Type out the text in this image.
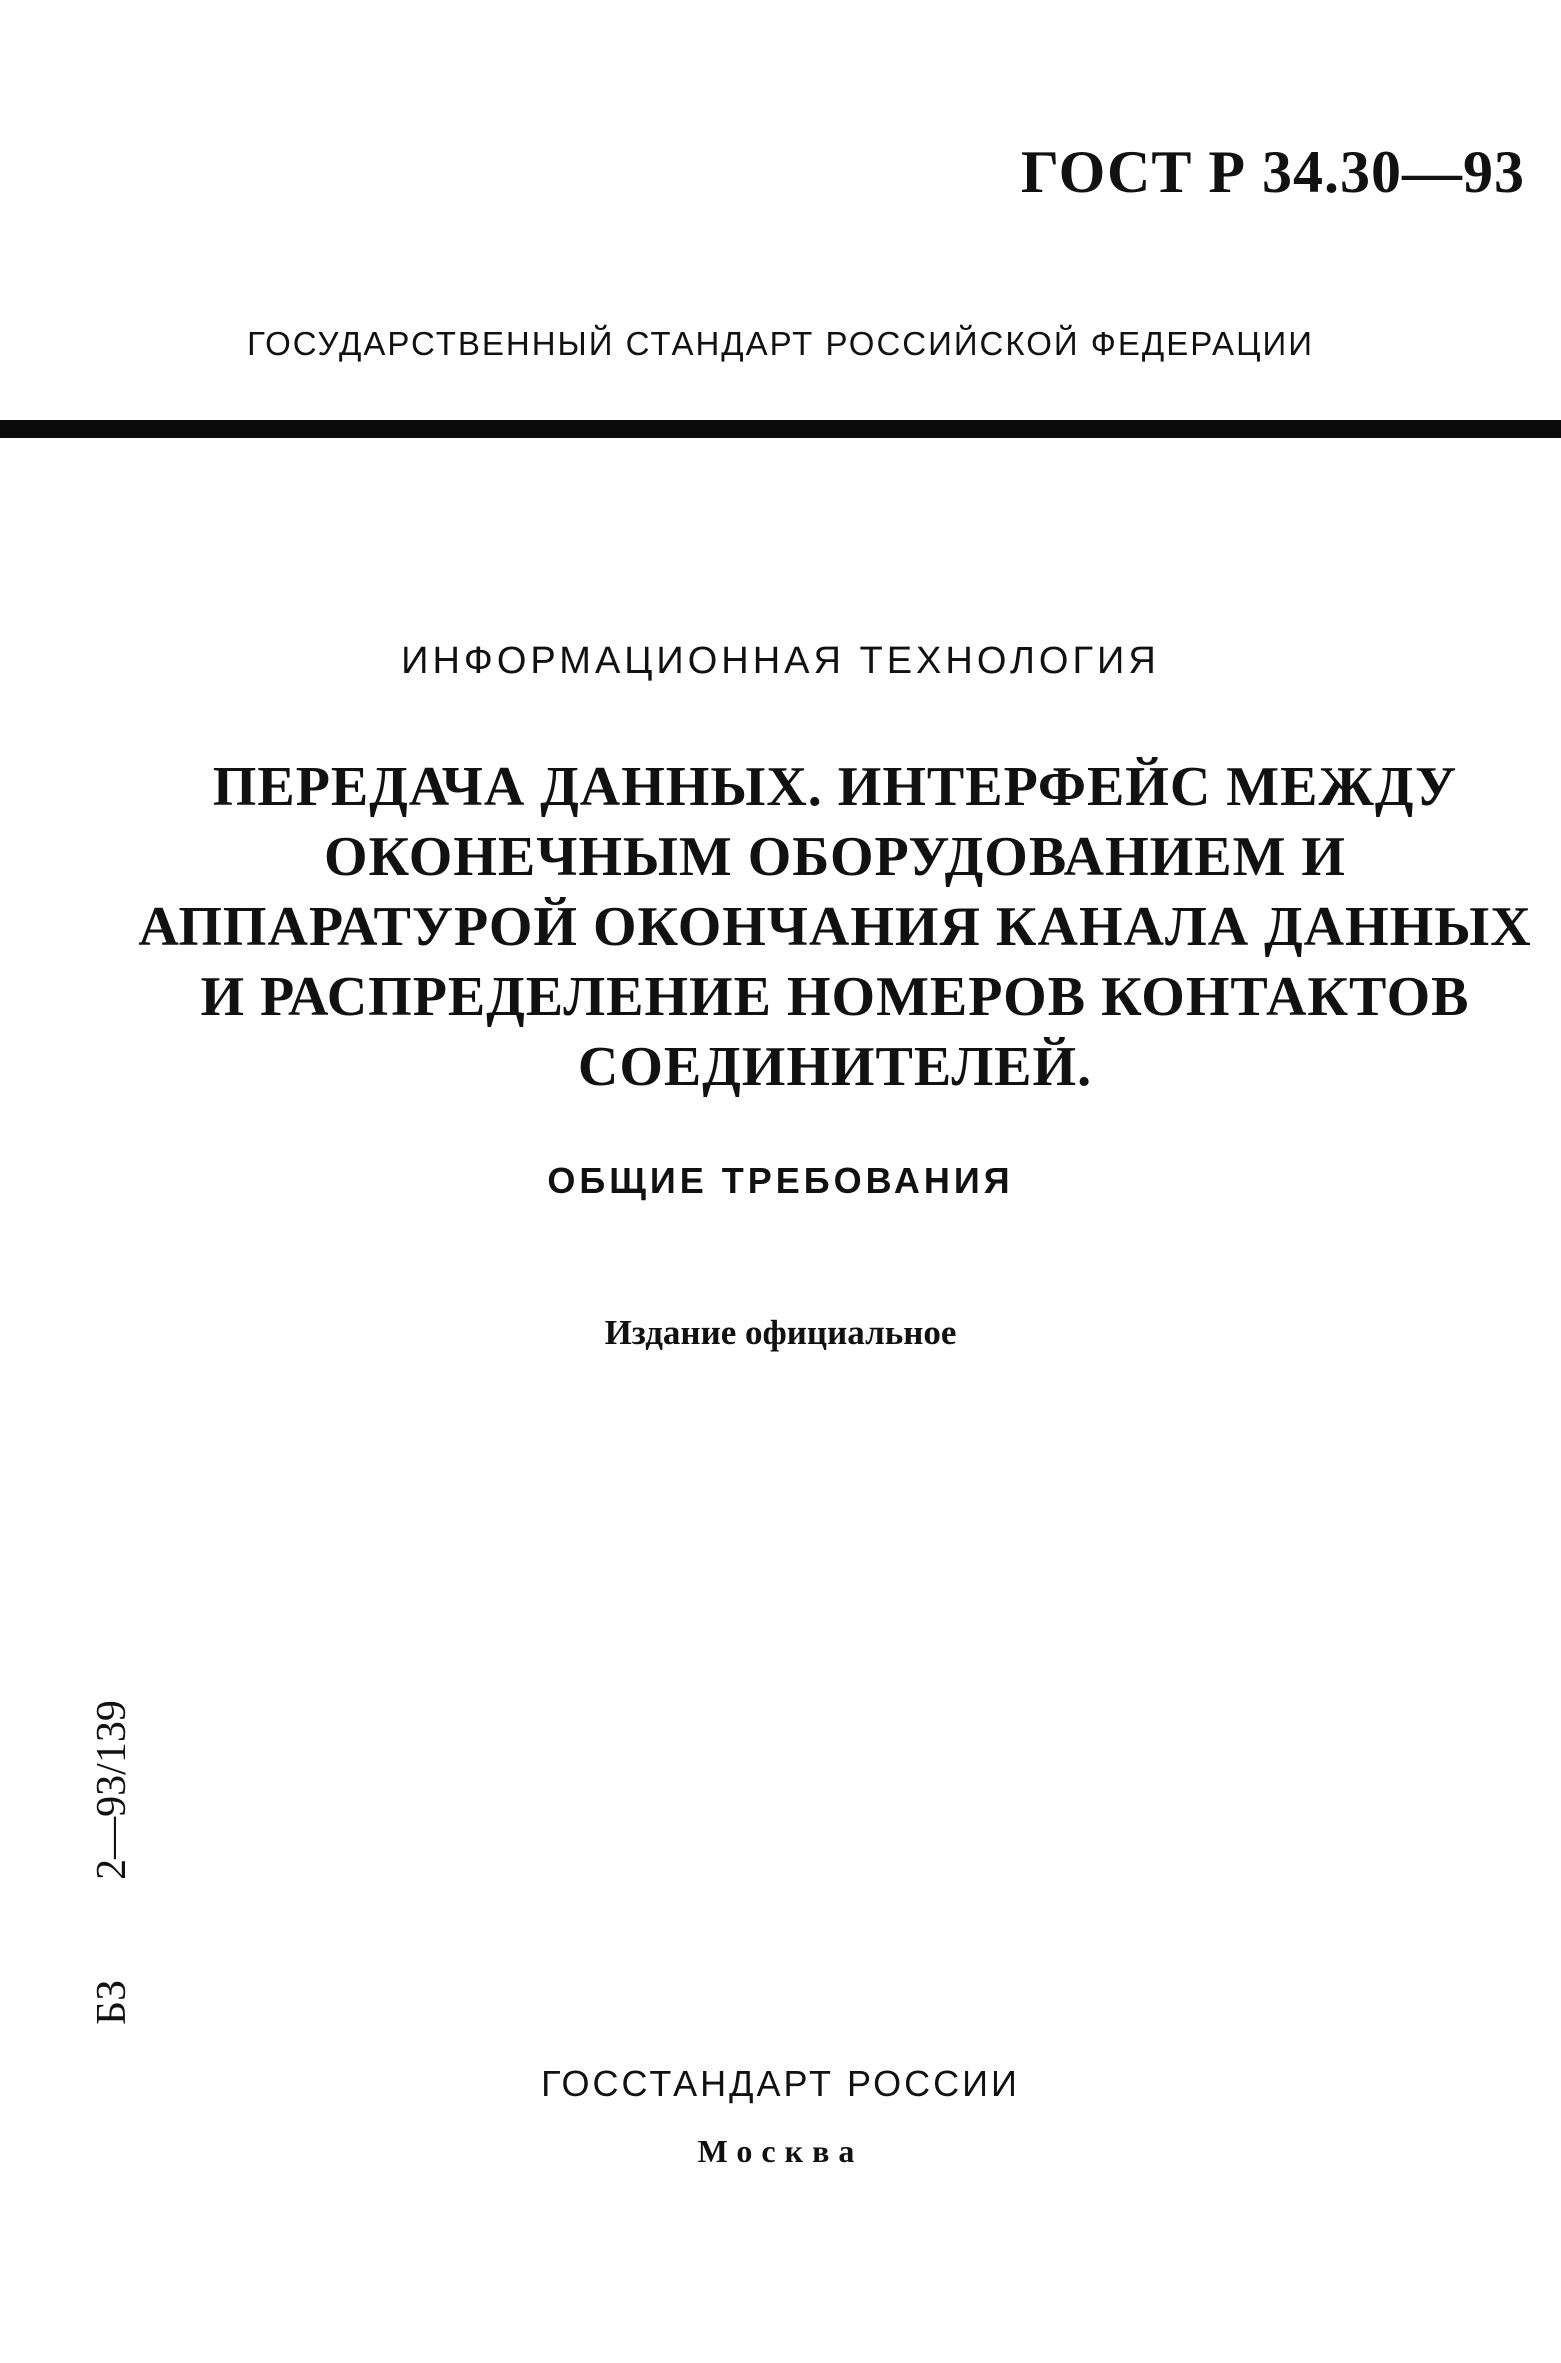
ГОСТ Р 34.30—93
ГОСУДАРСТВЕННЫЙ СТАНДАРТ РОССИЙСКОЙ ФЕДЕРАЦИИ
ИНФОРМАЦИОННАЯ ТЕХНОЛОГИЯ
ПЕРЕДАЧА ДАННЫХ. ИНТЕРФЕЙС МЕЖДУ
ОКОНЕЧНЫМ ОБОРУДОВАНИЕМ И
АППАРАТУРОЙ ОКОНЧАНИЯ КАНАЛА ДАННЫХ
И РАСПРЕДЕЛЕНИЕ НОМЕРОВ КОНТАКТОВ
СОЕДИНИТЕЛЕЙ.
ОБЩИЕ ТРЕБОВАНИЯ
Издание официальное
БЗ2—93/139
ГОССТАНДАРТ РОССИИ
Москва
